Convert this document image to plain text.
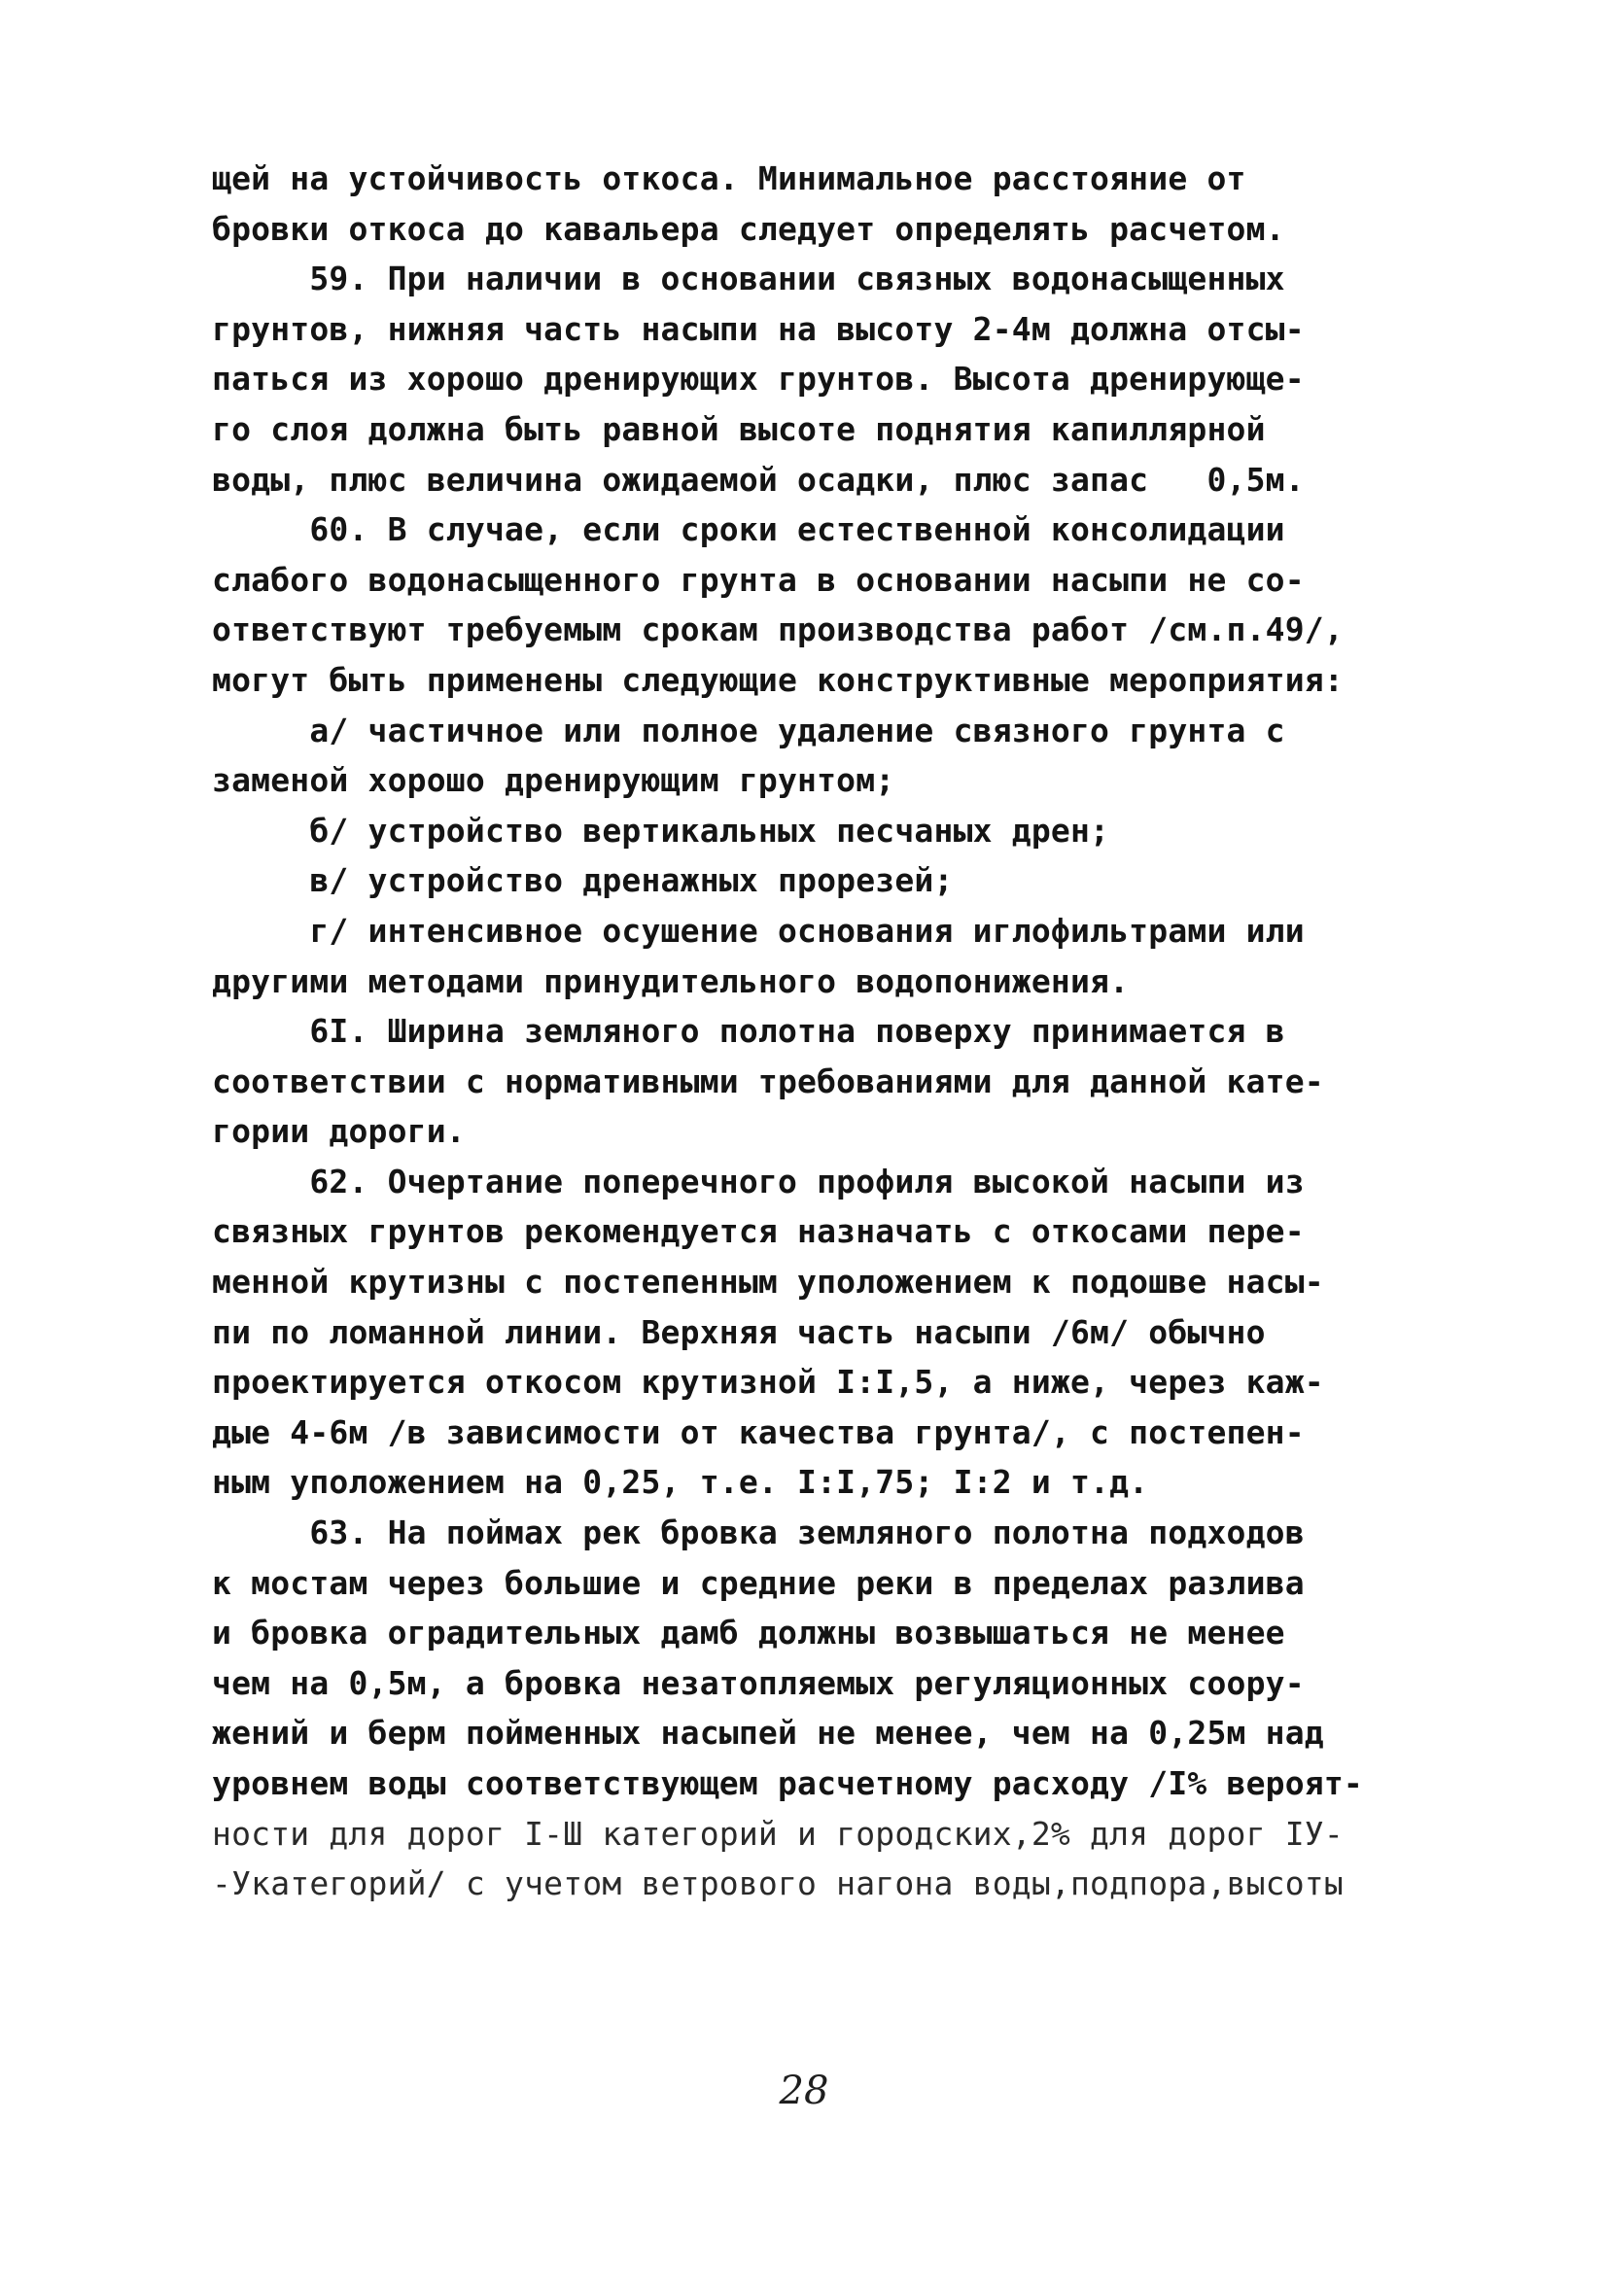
щей на устойчивость откоса. Минимальное расстояние от
бровки откоса до кавальера следует определять расчетом.
59. При наличии в основании связных водонасыщенных
грунтов, нижняя часть насыпи на высоту 2-4м должна отсы-
паться из хорошо дренирующих грунтов. Высота дренирующе-
го слоя должна быть равной высоте поднятия капиллярной
воды, плюс величина ожидаемой осадки, плюс запас   0,5м.
60. В случае, если сроки естественной консолидации
слабого водонасыщенного грунта в основании насыпи не со-
ответствуют требуемым срокам производства работ /см.п.49/,
могут быть применены следующие конструктивные мероприятия:
а/ частичное или полное удаление связного грунта с
заменой хорошо дренирующим грунтом;
б/ устройство вертикальных песчаных дрен;
в/ устройство дренажных прорезей;
г/ интенсивное осушение основания иглофильтрами или
другими методами принудительного водопонижения.
6I. Ширина земляного полотна поверху принимается в
соответствии с нормативными требованиями для данной кате-
гории дороги.
62. Очертание поперечного профиля высокой насыпи из
связных грунтов рекомендуется назначать с откосами пере-
менной крутизны с постепенным уположением к подошве насы-
пи по ломанной линии. Верхняя часть насыпи /6м/ обычно
проектируется откосом крутизной I:I,5, а ниже, через каж-
дые 4-6м /в зависимости от качества грунта/, с постепен-
ным уположением на 0,25, т.е. I:I,75; I:2 и т.д.
63. На поймах рек бровка земляного полотна подходов
к мостам через большие и средние реки в пределах разлива
и бровка оградительных дамб должны возвышаться не менее
чем на 0,5м, а бровка незатопляемых регуляционных соору-
жений и берм пойменных насыпей не менее, чем на 0,25м над
уровнем воды соответствующем расчетному расходу /I% вероят-
ности для дорог I-Ш категорий и городских,2% для дорог IУ-
-Укатегорий/ с учетом ветрового нагона воды,подпора,высоты
28
